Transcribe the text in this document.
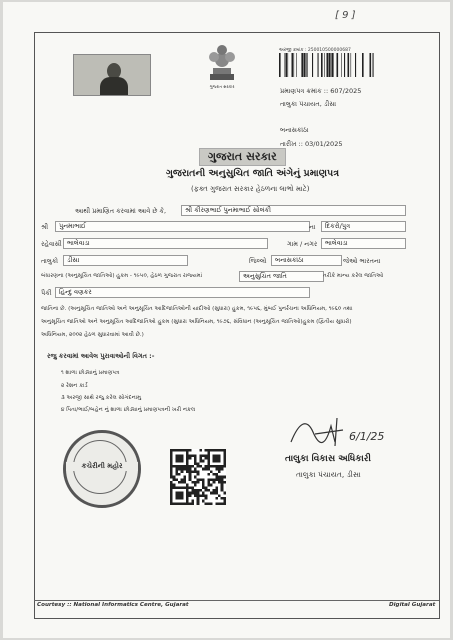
[ 9 ]
ગુજરાત સરકાર
અરજી ક્રમાંક : 250010500000687
પ્રમાણપત્ર ક્રમાંક :: 607/2025
તાલુકા પંચાયત, ડીસા
બનાસકાંઠા
તારીખ :: 03/01/2025
ગુજરાત સરકાર
ગુજરાતની અનુસુચિત જાતિ અંગેનું પ્રમાણપત્ર
(ફક્ત ગુજરાત સરકાર હેઠળના લાભો માટે)
આથી પ્રમાણિત કરવામાં આવે છે કે,	શ્રી કીરણભાઈ પુનમાભાઈ સોલંકી

શ્રી	પુનમાભાઈ	ના	દિકરો/પુત્ર
રહેવાસી ભાલેવાડા	ગામ / નગર	ભાલેવાડા
તાલુકો	ડીસા	જિલ્લો	બનાસકાંઠા	જેઓ ભારતના
બંધારણના (અનુસૂચિત જાતિઓ) હુકમ - ૧૯૫૦, હેઠળ ગુજરાત રાજ્યમાં	અનુસુચિત જાતિ	તરીકે માન્ય કરેલ જાતિઓ
પૈકી	હિન્દુ વણકર
જાતિના છે. (અનુસૂચિત જાતિઓ અને અનુસૂચિત આદિજાતિઓની યાદીઓ (સુધારા) હુકમ, ૧૯૫૬, મુંબઈ પુનર્રચના અધિનિયમ, ૧૯૬૦ તથા
અનુસૂચિત જાતિઓ અને અનુસૂચિત આદિજાતિઓ હુકમ (સુધારા અધિનિયમ, ૧૯૭૬, સંવિધાન (અનુસૂચિત જાતિઓ)હુકમ (દ્વિતીય સુધારો)
અધિનિયમ, ૨૦૦૨ હેઠળ સુધારવામાં આવી છે.)
રજુ કરવામાં આવેલ પુરાવાઓની વિગત :-
૧ શાળા છોડ્યાનું પ્રમાણપત્ર
૨ રેશન કાર્ડ
૩ અરજી સાથે રજુ કરેલ સોગંદનામુ
૪ પિતા/ભાઈ/બહેન નું શાળા છોડ્યાનું પ્રમાણપત્રની ખરી નકલ
કચેરીની મહોર
6/1/25
તાલુકા વિકાસ અધિકારી
તાલુકા પંચાયત, ડીસા
Courtesy :: National Informatics Centre, Gujarat	Digital Gujarat
